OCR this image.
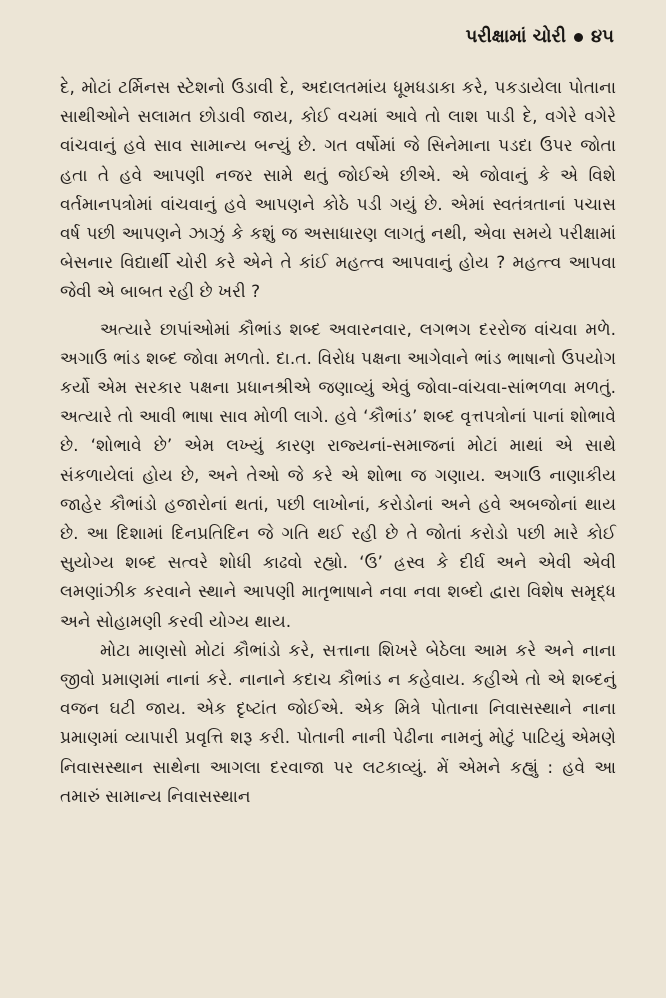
પરીક્ષામાં ચોરી ૪૫

દે, મોટાં ટર્મિનસ સ્ટેશનો ઉડાવી દે, અદાલતમાંય ધૂમધડાકા કરે, પકડાયેલા પોતાના સાથીઓને સલામત છોડાવી જાય, કોઈ વચમાં આવે તો લાશ પાડી દે, વગેરે વગેરે વાંચવાનું હવે સાવ સામાન્ય બન્યું છે. ગત વર્ષોમાં જે સિનેમાના પડદા ઉપર જોતા હતા તે હવે આપણી નજર સામે થતું જોઈએ છીએ. એ જોવાનું કે એ વિશે વર્તમાનપત્રોમાં વાંચવાનું હવે આપણને કોઠે પડી ગયું છે. એમાં સ્વતંત્રતાનાં પચાસ વર્ષ પછી આપણને ઝાઝું કે કશું જ અસાધારણ લાગતું નથી, એવા સમયે પરીક્ષામાં બેસનાર વિદ્યાર્થી ચોરી કરે એને તે કાંઈ મહત્ત્વ આપવાનું હોય ? મહત્ત્વ આપવા જેવી એ બાબત રહી છે ખરી ?

અત્યારે છાપાંઓમાં કૌભાંડ શબ્દ અવારનવાર, લગભગ દરરોજ વાંચવા મળે. અગાઉ ભાંડ શબ્દ જોવા મળતો. દા.ત. વિરોધ પક્ષના આગેવાને ભાંડ ભાષાનો ઉપયોગ કર્યો એમ સરકાર પક્ષના પ્રધાનશ્રીએ જણાવ્યું એવું જોવા-વાંચવા-સાંભળવા મળતું. અત્યારે તો આવી ભાષા સાવ મોળી લાગે. હવે ‘કૌભાંડ’ શબ્દ વૃત્તપત્રોનાં પાનાં શોભાવે છે. ‘શોભાવે છે’ એમ લખ્યું કારણ રાજ્યનાં-સમાજનાં મોટાં માથાં એ સાથે સંકળાયેલાં હોય છે, અને તેઓ જે કરે એ શોભા જ ગણાય. અગાઉ નાણાકીય જાહેર કૌભાંડો હજારોનાં થતાં, પછી લાખોનાં, કરોડોનાં અને હવે અબજોનાં થાય છે. આ દિશામાં દિનપ્રતિદિન જે ગતિ થઈ રહી છે તે જોતાં કરોડો પછી મારે કોઈ સુયોગ્ય શબ્દ સત્વરે શોધી કાઢવો રહ્યો. ‘ઉ’ હ્રસ્વ કે દીર્ઘ અને એવી એવી લમણાંઝીક કરવાને સ્થાને આપણી માતૃભાષાને નવા નવા શબ્દો દ્વારા વિશેષ સમૃદ્ધ અને સોહામણી કરવી યોગ્ય થાય.

મોટા માણસો મોટાં કૌભાંડો કરે, સત્તાના શિખરે બેઠેલા આમ કરે અને નાના જીવો પ્રમાણમાં નાનાં કરે. નાનાને કદાચ કૌભાંડ ન કહેવાય. કહીએ તો એ શબ્દનું વજન ઘટી જાય. એક દૃષ્ટાંત જોઈએ. એક મિત્રે પોતાના નિવાસસ્થાને નાના પ્રમાણમાં વ્યાપારી પ્રવૃત્તિ શરૂ કરી. પોતાની નાની પેઢીના નામનું મોટું પાટિયું એમણે નિવાસસ્થાન સાથેના આગલા દરવાજા પર લટકાવ્યું. મેં એમને કહ્યું : હવે આ તમારું સામાન્ય નિવાસસ્થાન
